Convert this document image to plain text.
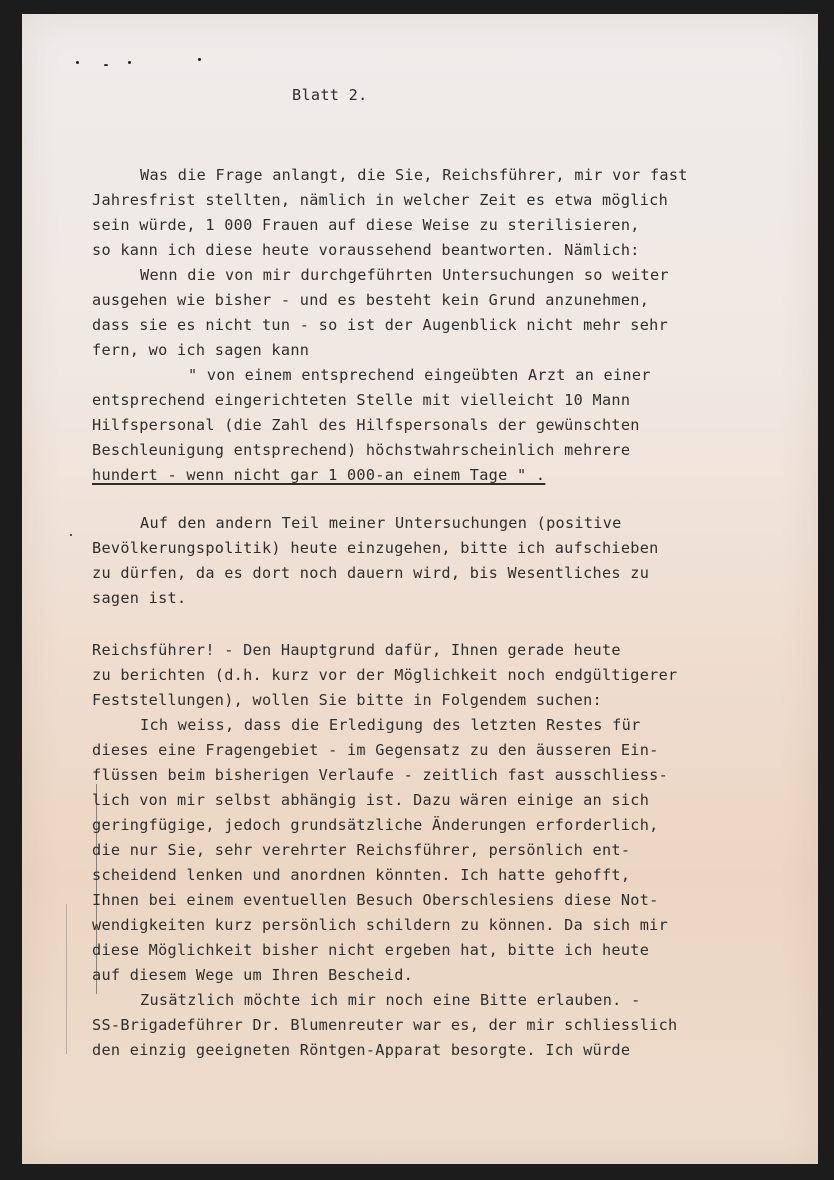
Blatt 2.
Was die Frage anlangt, die Sie, Reichsführer, mir vor fast
Jahresfrist stellten, nämlich in welcher Zeit es etwa möglich
sein würde, 1 000 Frauen auf diese Weise zu sterilisieren,
so kann ich diese heute voraussehend beantworten. Nämlich:
Wenn die von mir durchgeführten Untersuchungen so weiter
ausgehen wie bisher - und es besteht kein Grund anzunehmen,
dass sie es nicht tun - so ist der Augenblick nicht mehr sehr
fern, wo ich sagen kann
" von einem entsprechend eingeübten Arzt an einer
entsprechend eingerichteten Stelle mit vielleicht 10 Mann
Hilfspersonal (die Zahl des Hilfspersonals der gewünschten
Beschleunigung entsprechend) höchstwahrscheinlich mehrere
hundert - wenn nicht gar 1 000-an einem Tage " .
Auf den andern Teil meiner Untersuchungen (positive
Bevölkerungspolitik) heute einzugehen, bitte ich aufschieben
zu dürfen, da es dort noch dauern wird, bis Wesentliches zu
sagen ist.
Reichsführer! - Den Hauptgrund dafür, Ihnen gerade heute
zu berichten (d.h. kurz vor der Möglichkeit noch endgültigerer
Feststellungen), wollen Sie bitte in Folgendem suchen:
Ich weiss, dass die Erledigung des letzten Restes für
dieses eine Fragengebiet - im Gegensatz zu den äusseren Ein-
flüssen beim bisherigen Verlaufe - zeitlich fast ausschliess-
lich von mir selbst abhängig ist. Dazu wären einige an sich
geringfügige, jedoch grundsätzliche Änderungen erforderlich,
die nur Sie, sehr verehrter Reichsführer, persönlich ent-
scheidend lenken und anordnen könnten. Ich hatte gehofft,
Ihnen bei einem eventuellen Besuch Oberschlesiens diese Not-
wendigkeiten kurz persönlich schildern zu können. Da sich mir
diese Möglichkeit bisher nicht ergeben hat, bitte ich heute
auf diesem Wege um Ihren Bescheid.
Zusätzlich möchte ich mir noch eine Bitte erlauben. -
SS-Brigadeführer Dr. Blumenreuter war es, der mir schliesslich
den einzig geeigneten Röntgen-Apparat besorgte. Ich würde
